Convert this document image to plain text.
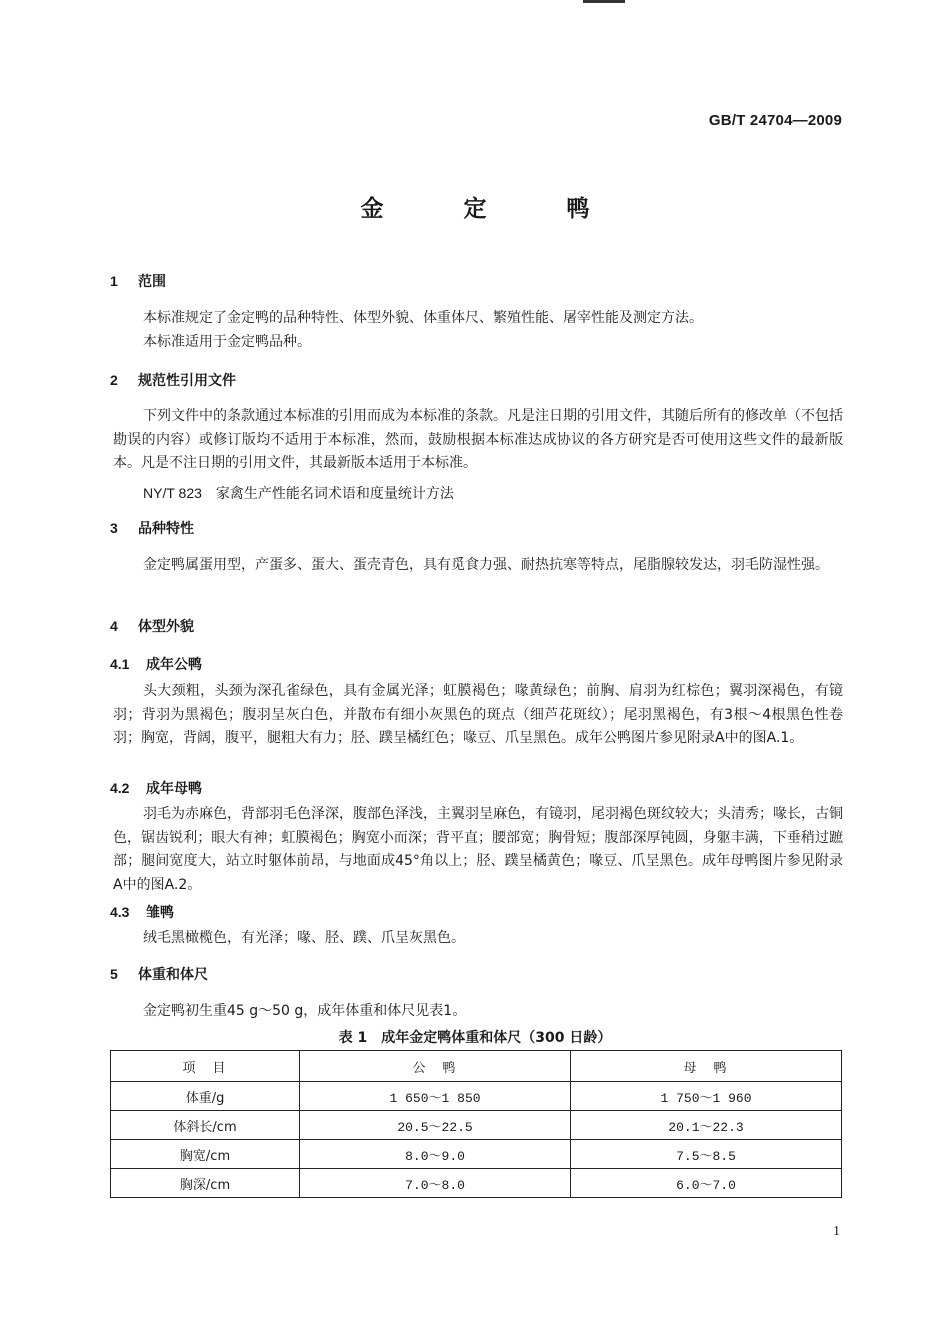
GB/T 24704—2009
金 定 鸭
1 范围

本标准规定了金定鸭的品种特性、体型外貌、体重体尺、繁殖性能、屠宰性能及测定方法。

本标准适用于金定鸭品种。

2 规范性引用文件

下列文件中的条款通过本标准的引用而成为本标准的条款。凡是注日期的引用文件，其随后所有的修改单（不包括勘误的内容）或修订版均不适用于本标准，然而，鼓励根据本标准达成协议的各方研究是否可使用这些文件的最新版本。凡是不注日期的引用文件，其最新版本适用于本标准。

NY/T 823 家禽生产性能名词术语和度量统计方法
3 品种特性

金定鸭属蛋用型，产蛋多、蛋大、蛋壳青色，具有觅食力强、耐热抗寒等特点，尾脂腺较发达，羽毛防湿性强。

4 体型外貌
4.1 成年公鸭

头大颈粗，头颈为深孔雀绿色，具有金属光泽；虹膜褐色；喙黄绿色；前胸、肩羽为红棕色；翼羽深褐色，有镜羽；背羽为黑褐色；腹羽呈灰白色，并散布有细小灰黑色的斑点（细芦花斑纹）；尾羽黑褐色，有3根～4根黑色性卷羽；胸宽，背阔，腹平，腿粗大有力；胫、蹼呈橘红色；喙豆、爪呈黑色。成年公鸭图片参见附录A中的图A.1。

4.2 成年母鸭

羽毛为赤麻色，背部羽毛色泽深，腹部色泽浅，主翼羽呈麻色，有镜羽，尾羽褐色斑纹较大；头清秀；喙长，古铜色，锯齿锐利；眼大有神；虹膜褐色；胸宽小而深；背平直；腰部宽；胸骨短；腹部深厚钝圆，身躯丰满，下垂稍过蹠部；腿间宽度大，站立时躯体前昂，与地面成45°角以上；胫、蹼呈橘黄色；喙豆、爪呈黑色。成年母鸭图片参见附录A中的图A.2。

4.3 雏鸭

绒毛黑橄榄色，有光泽；喙、胫、蹼、爪呈灰黑色。

5 体重和体尺

金定鸭初生重45 g～50 g，成年体重和体尺见表1。

表 1　成年金定鸭体重和体尺（300 日龄）
项　目	公　鸭	母　鸭
体重/g	1 650～1 850	1 750～1 960
体斜长/cm	20.5～22.5	20.1～22.3
胸宽/cm	8.0～9.0	7.5～8.5
胸深/cm	7.0～8.0	6.0～7.0
1
